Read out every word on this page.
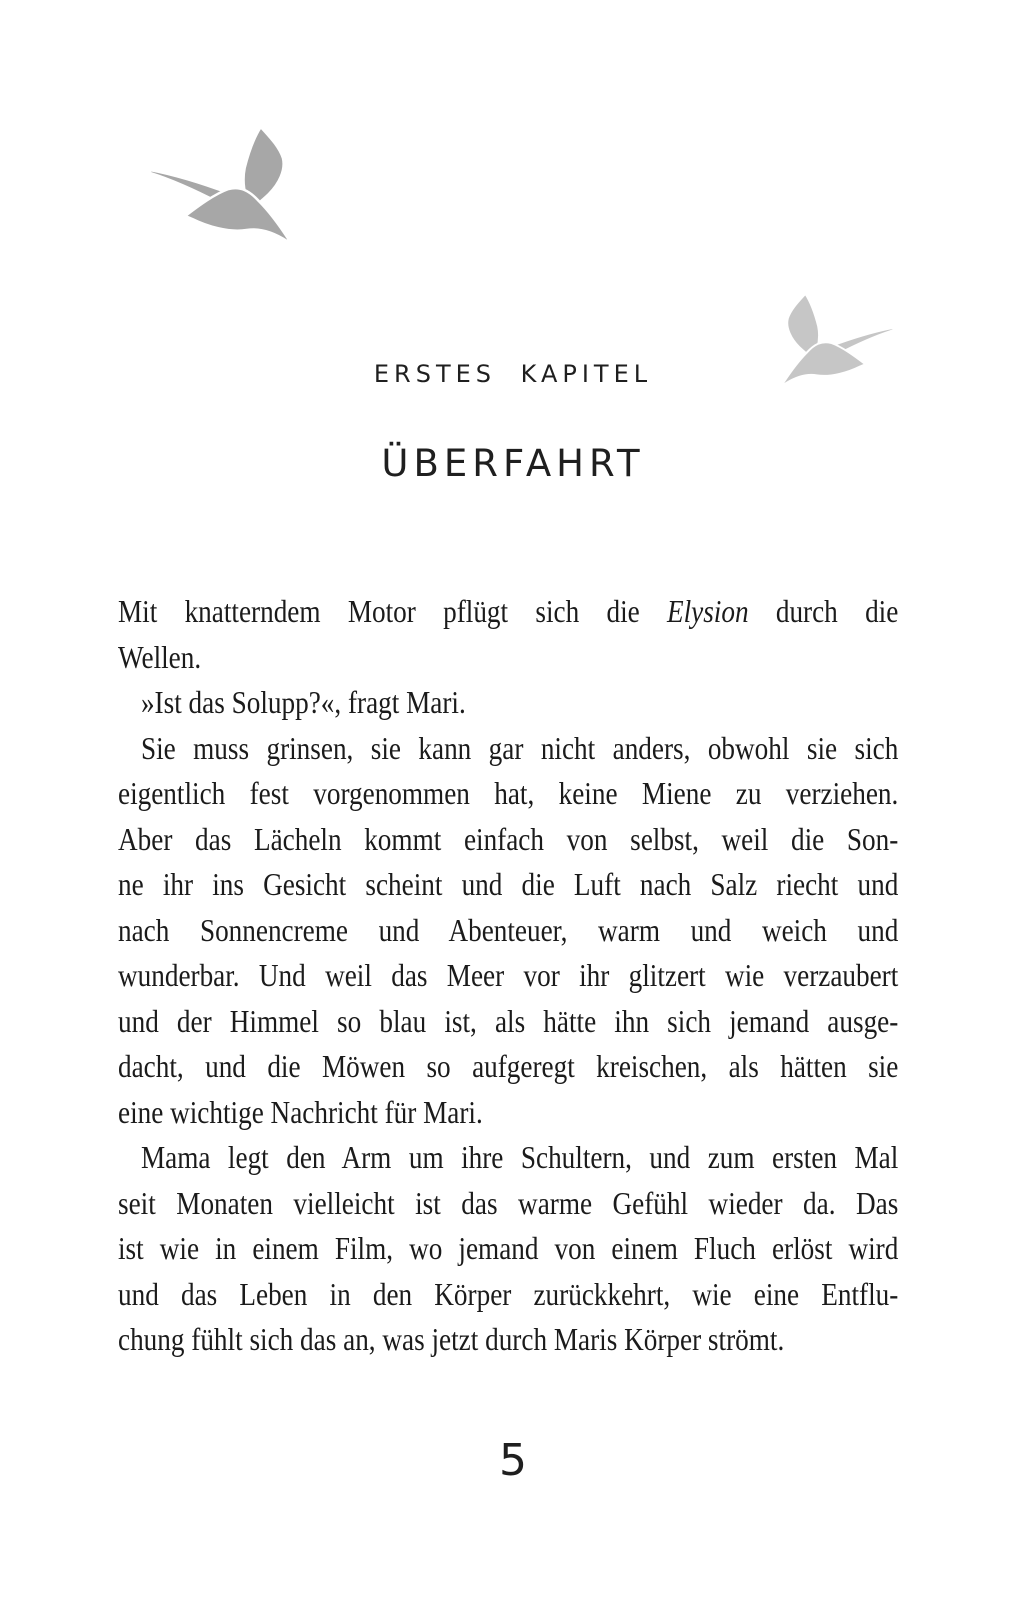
ERSTES KAPITEL
ÜBERFAHRT
Mit knatterndem Motor pflügt sich die Elysion durch die
Wellen.
»Ist das Solupp?«, fragt Mari.
Sie muss grinsen, sie kann gar nicht anders, obwohl sie sich
eigentlich fest vorgenommen hat, keine Miene zu verziehen.
Aber das Lächeln kommt einfach von selbst, weil die Son-
ne ihr ins Gesicht scheint und die Luft nach Salz riecht und
nach Sonnencreme und Abenteuer, warm und weich und
wunderbar. Und weil das Meer vor ihr glitzert wie verzaubert
und der Himmel so blau ist, als hätte ihn sich jemand ausge-
dacht, und die Möwen so aufgeregt kreischen, als hätten sie
eine wichtige Nachricht für Mari.
Mama legt den Arm um ihre Schultern, und zum ersten Mal
seit Monaten vielleicht ist das warme Gefühl wieder da. Das
ist wie in einem Film, wo jemand von einem Fluch erlöst wird
und das Leben in den Körper zurückkehrt, wie eine Entflu-
chung fühlt sich das an, was jetzt durch Maris Körper strömt.
5
